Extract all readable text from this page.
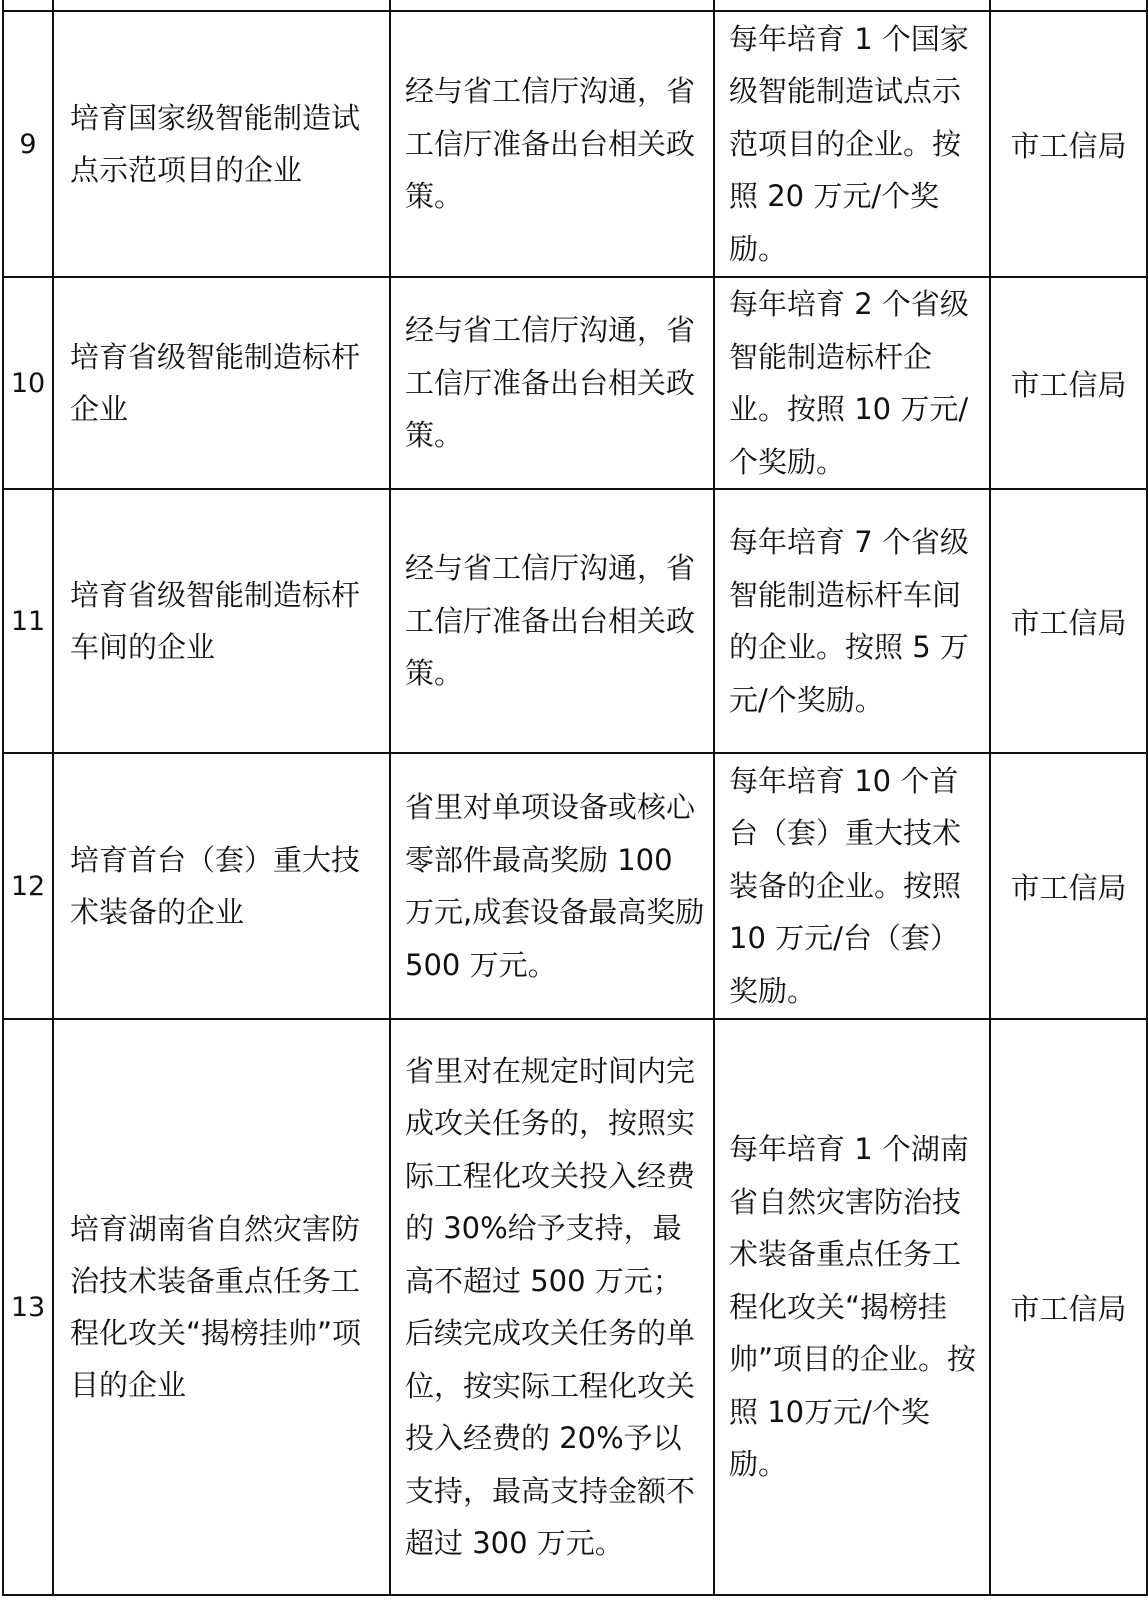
9	培育国家级智能制造试点示范项目的企业	经与省工信厅沟通，省工信厅准备出台相关政策。	每年培育 1 个国家级智能制造试点示范项目的企业。按照 20 万元/个奖励。	市工信局
10	培育省级智能制造标杆企业	经与省工信厅沟通，省工信厅准备出台相关政策。	每年培育 2 个省级智能制造标杆企业。按照 10 万元/个奖励。	市工信局
11	培育省级智能制造标杆车间的企业	经与省工信厅沟通，省工信厅准备出台相关政策。	每年培育 7 个省级智能制造标杆车间的企业。按照 5 万元/个奖励。	市工信局
12	培育首台（套）重大技术装备的企业	省里对单项设备或核心零部件最高奖励 100 万元,成套设备最高奖励 500 万元。	每年培育 10 个首台（套）重大技术装备的企业。按照 10 万元/台（套）奖励。	市工信局
13	培育湖南省自然灾害防治技术装备重点任务工程化攻关“揭榜挂帅”项目的企业	省里对在规定时间内完成攻关任务的，按照实际工程化攻关投入经费的 30%给予支持，最高不超过 500 万元；后续完成攻关任务的单位，按实际工程化攻关投入经费的 20%予以支持，最高支持金额不超过 300 万元。	每年培育 1 个湖南省自然灾害防治技术装备重点任务工程化攻关“揭榜挂帅”项目的企业。按照 10万元/个奖励。	市工信局
